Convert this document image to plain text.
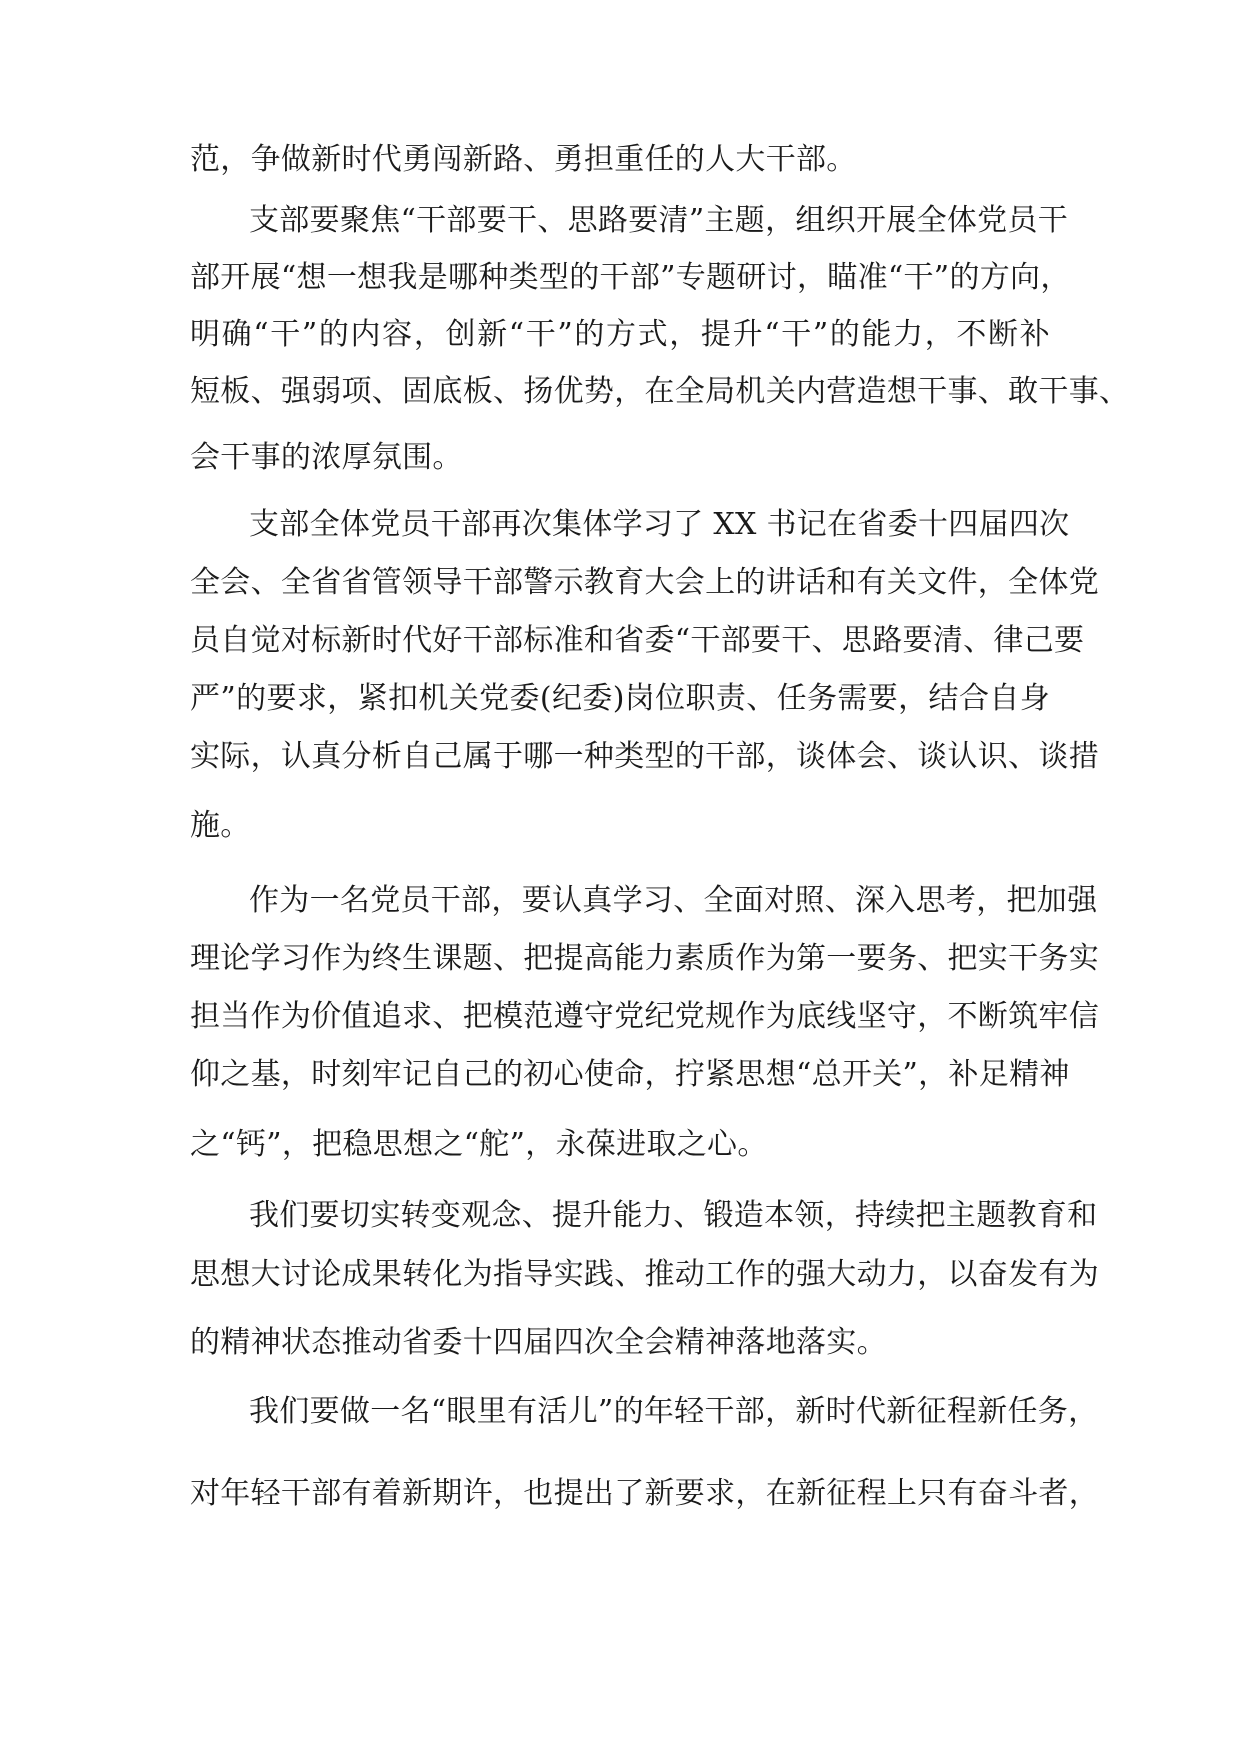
范，争做新时代勇闯新路、勇担重任的人大干部。

支部要聚焦“干部要干、思路要清”主题，组织开展全体党员干

部开展“想一想我是哪种类型的干部”专题研讨，瞄准“干”的方向，

明确“干”的内容，创新“干”的方式，提升“干”的能力，不断补

短板、强弱项、固底板、扬优势，在全局机关内营造想干事、敢干事、

会干事的浓厚氛围。

支部全体党员干部再次集体学习了 XX 书记在省委十四届四次

全会、全省省管领导干部警示教育大会上的讲话和有关文件，全体党

员自觉对标新时代好干部标准和省委“干部要干、思路要清、律己要

严”的要求，紧扣机关党委(纪委)岗位职责、任务需要，结合自身

实际，认真分析自己属于哪一种类型的干部，谈体会、谈认识、谈措

施。

作为一名党员干部，要认真学习、全面对照、深入思考，把加强

理论学习作为终生课题、把提高能力素质作为第一要务、把实干务实

担当作为价值追求、把模范遵守党纪党规作为底线坚守，不断筑牢信

仰之基，时刻牢记自己的初心使命，拧紧思想“总开关”，补足精神

之“钙”，把稳思想之“舵”，永葆进取之心。

我们要切实转变观念、提升能力、锻造本领，持续把主题教育和

思想大讨论成果转化为指导实践、推动工作的强大动力，以奋发有为

的精神状态推动省委十四届四次全会精神落地落实。

我们要做一名“眼里有活儿”的年轻干部，新时代新征程新任务，

对年轻干部有着新期许，也提出了新要求，在新征程上只有奋斗者，
